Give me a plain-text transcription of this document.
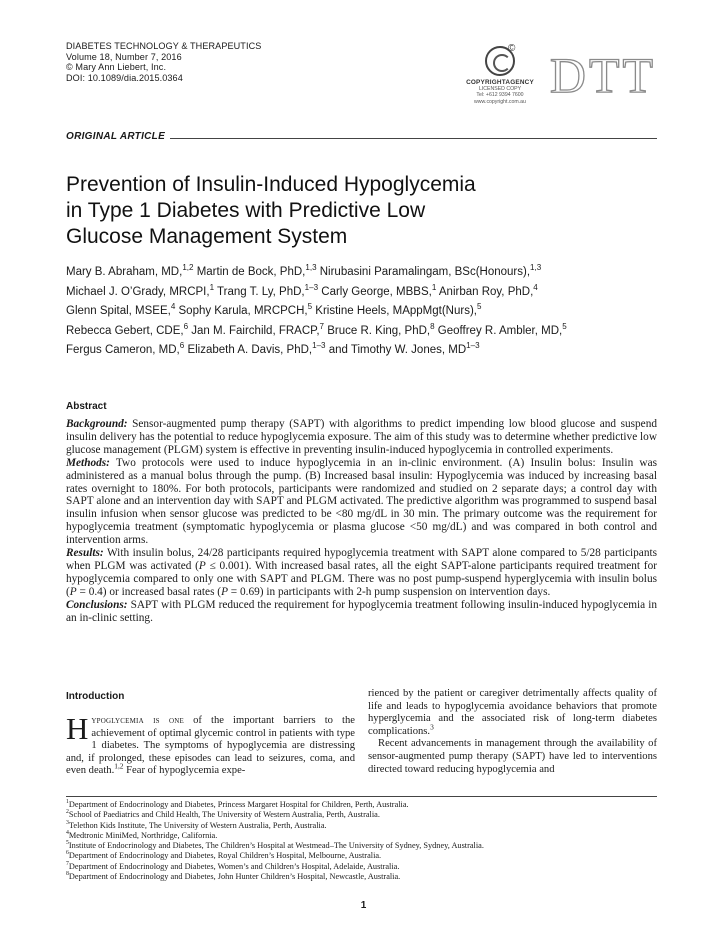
DIABETES TECHNOLOGY & THERAPEUTICS
Volume 18, Number 7, 2016
© Mary Ann Liebert, Inc.
DOI: 10.1089/dia.2015.0364
©
COPYRIGHTAGENCY
LICENSED COPY
Tel: +612 9394 7600
www.copyright.com.au DTT
ORIGINAL ARTICLE
Prevention of Insulin-Induced Hypoglycemia
in Type 1 Diabetes with Predictive Low
Glucose Management System
Mary B. Abraham, MD,$^{1,2}$ Martin de Bock, PhD,$^{1,3}$ Nirubasini Paramalingam, BSc(Honours),$^{1,3}$
Michael J. O’Grady, MRCPI,$^1$ Trang T. Ly, PhD,$^{1-3}$ Carly George, MBBS,$^1$ Anirban Roy, PhD,$^4$
Glenn Spital, MSEE,$^4$ Sophy Karula, MRCPCH,$^5$ Kristine Heels, MAppMgt(Nurs),$^5$
Rebecca Gebert, CDE,$^6$ Jan M. Fairchild, FRACP,$^7$ Bruce R. King, PhD,$^8$ Geoffrey R. Ambler, MD,$^5$
Fergus Cameron, MD,$^6$ Elizabeth A. Davis, PhD,$^{1-3}$ and Timothy W. Jones, MD$^{1-3}$
Abstract

Background: Sensor-augmented pump therapy (SAPT) with algorithms to predict impending low blood glucose and suspend insulin delivery has the potential to reduce hypoglycemia exposure. The aim of this study was to determine whether predictive low glucose management (PLGM) system is effective in preventing insulin-induced hypoglycemia in controlled experiments.

Methods: Two protocols were used to induce hypoglycemia in an in-clinic environment. (A) Insulin bolus: Insulin was administered as a manual bolus through the pump. (B) Increased basal insulin: Hypoglycemia was induced by increasing basal rates overnight to 180%. For both protocols, participants were randomized and studied on 2 separate days; a control day with SAPT alone and an intervention day with SAPT and PLGM activated. The predictive algorithm was programmed to suspend basal insulin infusion when sensor glucose was predicted to be <80 mg/dL in 30 min. The primary outcome was the requirement for hypoglycemia treatment (symptomatic hypoglycemia or plasma glucose <50 mg/dL) and was compared in both control and intervention arms.

Results: With insulin bolus, 24/28 participants required hypoglycemia treatment with SAPT alone compared to 5/28 participants when PLGM was activated (P ≤ 0.001). With increased basal rates, all the eight SAPT-alone participants required treatment for hypoglycemia compared to only one with SAPT and PLGM. There was no post pump-suspend hyperglycemia with insulin bolus (P = 0.4) or increased basal rates (P = 0.69) in participants with 2-h pump suspension on intervention days.

Conclusions: SAPT with PLGM reduced the requirement for hypoglycemia treatment following insulin-induced hypoglycemia in an in-clinic setting.

Introduction

Hypoglycemia is one of the important barriers to the achievement of optimal glycemic control in patients with type 1 diabetes. The symptoms of hypoglycemia are distressing and, if prolonged, these episodes can lead to seizures, coma, and even death.$^{1,2}$ Fear of hypoglycemia expe-

rienced by the patient or caregiver detrimentally affects quality of life and leads to hypoglycemia avoidance behaviors that promote hyperglycemia and the associated risk of long-term diabetes complications.$^3$

Recent advancements in management through the availability of sensor-augmented pump therapy (SAPT) have led to interventions directed toward reducing hypoglycemia and

$^1$Department of Endocrinology and Diabetes, Princess Margaret Hospital for Children, Perth, Australia.
$^2$School of Paediatrics and Child Health, The University of Western Australia, Perth, Australia.
$^3$Telethon Kids Institute, The University of Western Australia, Perth, Australia.
$^4$Medtronic MiniMed, Northridge, California.
$^5$Institute of Endocrinology and Diabetes, The Children’s Hospital at Westmead–The University of Sydney, Sydney, Australia.
$^6$Department of Endocrinology and Diabetes, Royal Children’s Hospital, Melbourne, Australia.
$^7$Department of Endocrinology and Diabetes, Women’s and Children’s Hospital, Adelaide, Australia.
$^8$Department of Endocrinology and Diabetes, John Hunter Children’s Hospital, Newcastle, Australia.
1
